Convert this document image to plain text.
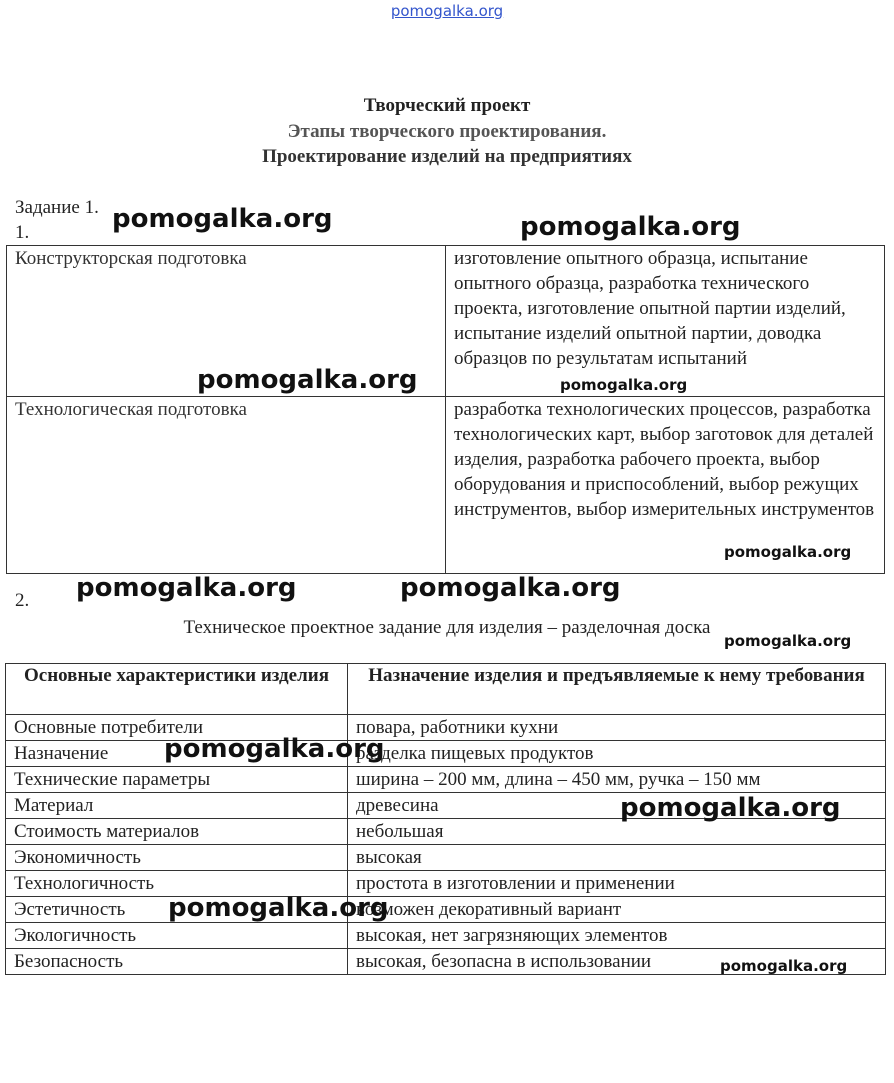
pomogalka.org
Творческий проект
Этапы творческого проектирования.
Проектирование изделий на предприятиях
Задание 1.
1.
Конструкторская подготовка	изготовление опытного образца, испытание опытного образца, разработка технического проекта, изготовление опытной партии изделий, испытание изделий опытной партии, доводка образцов по результатам испытаний
Технологическая подготовка	разработка технологических процессов, разработка технологических карт, выбор заготовок для деталей изделия, разработка рабочего проекта, выбор оборудования и приспособлений, выбор режущих инструментов, выбор измерительных инструментов
2.
Техническое проектное задание для изделия – разделочная доска
Основные характеристики изделия	Назначение изделия и предъявляемые к нему требования
Основные потребители	повара, работники кухни
Назначение	разделка пищевых продуктов
Технические параметры	ширина – 200 мм, длина – 450 мм, ручка – 150 мм
Материал	древесина
Стоимость материалов	небольшая
Экономичность	высокая
Технологичность	простота в изготовлении и применении
Эстетичность	возможен декоративный вариант
Экологичность	высокая, нет загрязняющих элементов
Безопасность	высокая, безопасна в использовании
pomogalka.org	pomogalka.org
pomogalka.org	pomogalka.org
pomogalka.org
pomogalka.org	pomogalka.org
pomogalka.org
pomogalka.org
pomogalka.org
pomogalka.org
pomogalka.org
